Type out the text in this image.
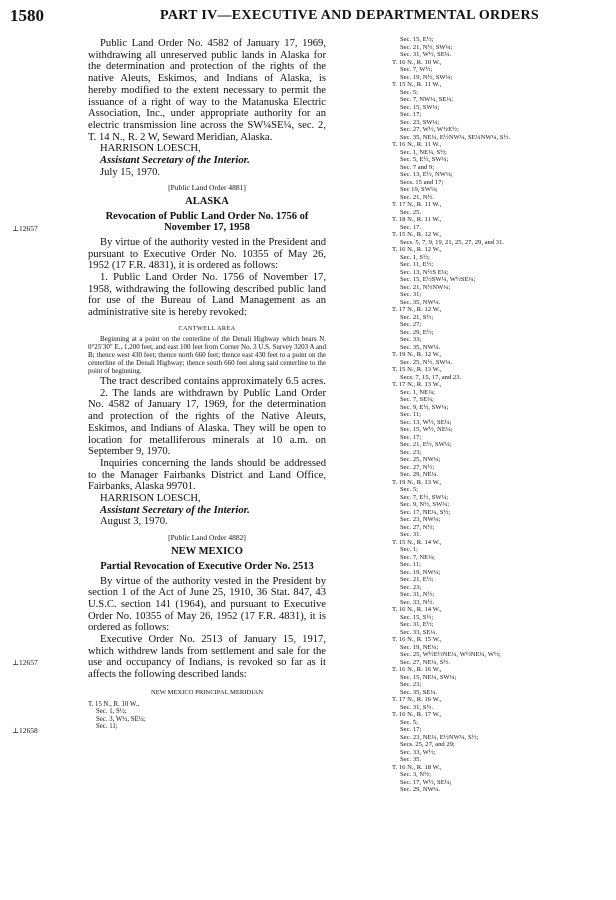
1580	PART IV—EXECUTIVE AND DEPARTMENTAL ORDERS
⊥12657
⊥12657
⊥12658

Public Land Order No. 4582 of January 17, 1969, withdrawing all unreserved public lands in Alaska for the determination and protection of the rights of the native Aleuts, Eskimos, and Indians of Alaska, is hereby modified to the extent necessary to permit the issuance of a right of way to the Matanuska Electric Association, Inc., under appropriate authority for an electric transmission line across the SW¼SE¼, sec. 2, T. 14 N., R. 2 W, Seward Meridian, Alaska.

HARRISON LOESCH,

Assistant Secretary of the Interior.

July 15, 1970.

[Public Land Order 4881]
ALASKA
Revocation of Public Land Order No. 1756 of November 17, 1958

By virtue of the authority vested in the President and pursuant to Executive Order No. 10355 of May 26, 1952 (17 F.R. 4831), it is ordered as follows:

1. Public Land Order No. 1756 of November 17, 1958, withdrawing the following described public land for use of the Bureau of Land Management as an administrative site is hereby revoked:

CANTWELL AREA

Beginning at a point on the centerline of the Denali Highway which bears N. 0°25′30″ E., 1,200 feet, and east 100 feet from Corner No. 3 U.S. Survey 3203 A and B; thence west 430 feet; thence north 660 feet; thence east 430 feet to a point on the centerline of the Denali Highway; thence south 660 feet along said centerline to the point of beginning.

The tract described contains approximately 6.5 acres.

2. The lands are withdrawn by Public Land Order No. 4582 of January 17, 1969, for the determination and protection of the rights of the Native Aleuts, Eskimos, and Indians of Alaska. They will be open to location for metalliferous minerals at 10 a.m. on September 9, 1970.

Inquiries concerning the lands should be addressed to the Manager Fairbanks District and Land Office, Fairbanks, Alaska 99701.

HARRISON LOESCH,

Assistant Secretary of the Interior.

August 3, 1970.

[Public Land Order 4882]
NEW MEXICO
Partial Revocation of Executive Order No. 2513

By virtue of the authority vested in the President by section 1 of the Act of June 25, 1910, 36 Stat. 847, 43 U.S.C. section 141 (1964), and pursuant to Executive Order No. 10355 of May 26, 1952 (17 F.R. 4831), it is ordered as follows:

Executive Order No. 2513 of January 15, 1917, which withdrew lands from settlement and sale for the use and occupancy of Indians, is revoked so far as it affects the following described lands:

NEW MEXICO PRINCIPAL MERIDIAN
T. 15 N., R. 10 W.,
Sec. 1, S½;
Sec. 3, W½, SE¼;
Sec. 11;
Sec. 15, E½;
Sec. 21, N½, SW¼;
Sec. 31, W½, SE¼.
T. 16 N., R. 10 W.,
Sec. 7, W½;
Sec. 19, N½, SW¼;
T. 15 N., R. 11 W.,
Sec. 5;
Sec. 7, NW¼, SE¼;
Sec. 15, SW¼;
Sec. 17;
Sec. 23, SW¼;
Sec. 27, W½, W½E½;
Sec. 35, NE¼, E½NW¼, SE¼NW¼, S½.
T. 16 N., R. 11 W.,
Sec. 1, NE¼, S½;
Sec. 5, E½, SW¼;
Sec. 7 and 9;
Sec. 13, E½, NW¼;
Secs. 15 and 17;
Sec 19, SW¼;
Sec. 21, N½.
T. 17 N., R. 11 W.,
Sec. 25.
T. 18 N., R. 11 W.,
Sec. 17.
T. 15 N., R. 12 W.,
Secs. 5, 7, 9, 19, 21, 25, 27, 29, and 31.
T. 16 N., R. 12 W.,
Sec. 1, S½;
Sec. 11, E½;
Sec. 13, N½S E¼;
Sec. 15, E½SW¼, W½SE¼;
Sec. 21, N½NW¼;
Sec. 31;
Sec. 35, NW¼.
T. 17 N., R. 12 W.,
Sec. 21, S½;
Sec. 27;
Sec. 29, E½;
Sec. 33;
Sec. 35, NW¼.
T. 19 N., R. 12 W.,
Sec. 25, N½, SW¼.
T. 15 N., R. 13 W.,
Secs. 7, 15, 17, and 23.
T. 17 N., R. 13 W.,
Sec. 1, NE¼;
Sec. 7, SE¼;
Sec. 9, E½, SW¼;
Sec. 11;
Sec. 13, W½, SE¼;
Sec. 15, W½, NE¼;
Sec. 17;
Sec. 21, E½, SW¼;
Sec. 23;
Sec. 25, NW¼;
Sec. 27, N½;
Sec. 29, NE¼.
T. 19 N., R. 13 W.,
Sec. 5;
Sec. 7, E½, SW¼;
Sec. 9, N½, SW¼;
Sec. 17, NE¼, S½;
Sec. 23, NW¼;
Sec. 27, N½;
Sec. 31.
T. 15 N., R. 14 W.,
Sec. 1;
Sec. 7, NE¼;
Sec. 11;
Sec. 19, NW¼;
Sec. 21, E½;
Sec. 23;
Sec. 31, N½;
Sec. 33, N½.
T. 16 N., R. 14 W.,
Sec. 15, S½;
Sec. 31, E½;
Sec. 33, SE¼.
T. 16 N., R. 15 W.,
Sec. 19, NE¼;
Sec. 25, W½E½NE¼, W½NE¼, W½;
Sec. 27, NE¼, S½.
T. 16 N., R. 16 W.,
Sec. 15, NE¼, SW¼;
Sec. 23;
Sec. 35, SE¼.
T. 17 N., R. 16 W.,
Sec. 31, S½.
T. 16 N., R. 17 W.,
Sec. 5;
Sec. 17;
Sec. 23, NE¼, E½NW¼, S½;
Secs. 25, 27, and 29;
Sec. 33, W½;
Sec. 35.
T. 16 N., R. 18 W.,
Sec. 3, N½;
Sec. 17, W½, SE¼;
Sec. 29, NW¼.
